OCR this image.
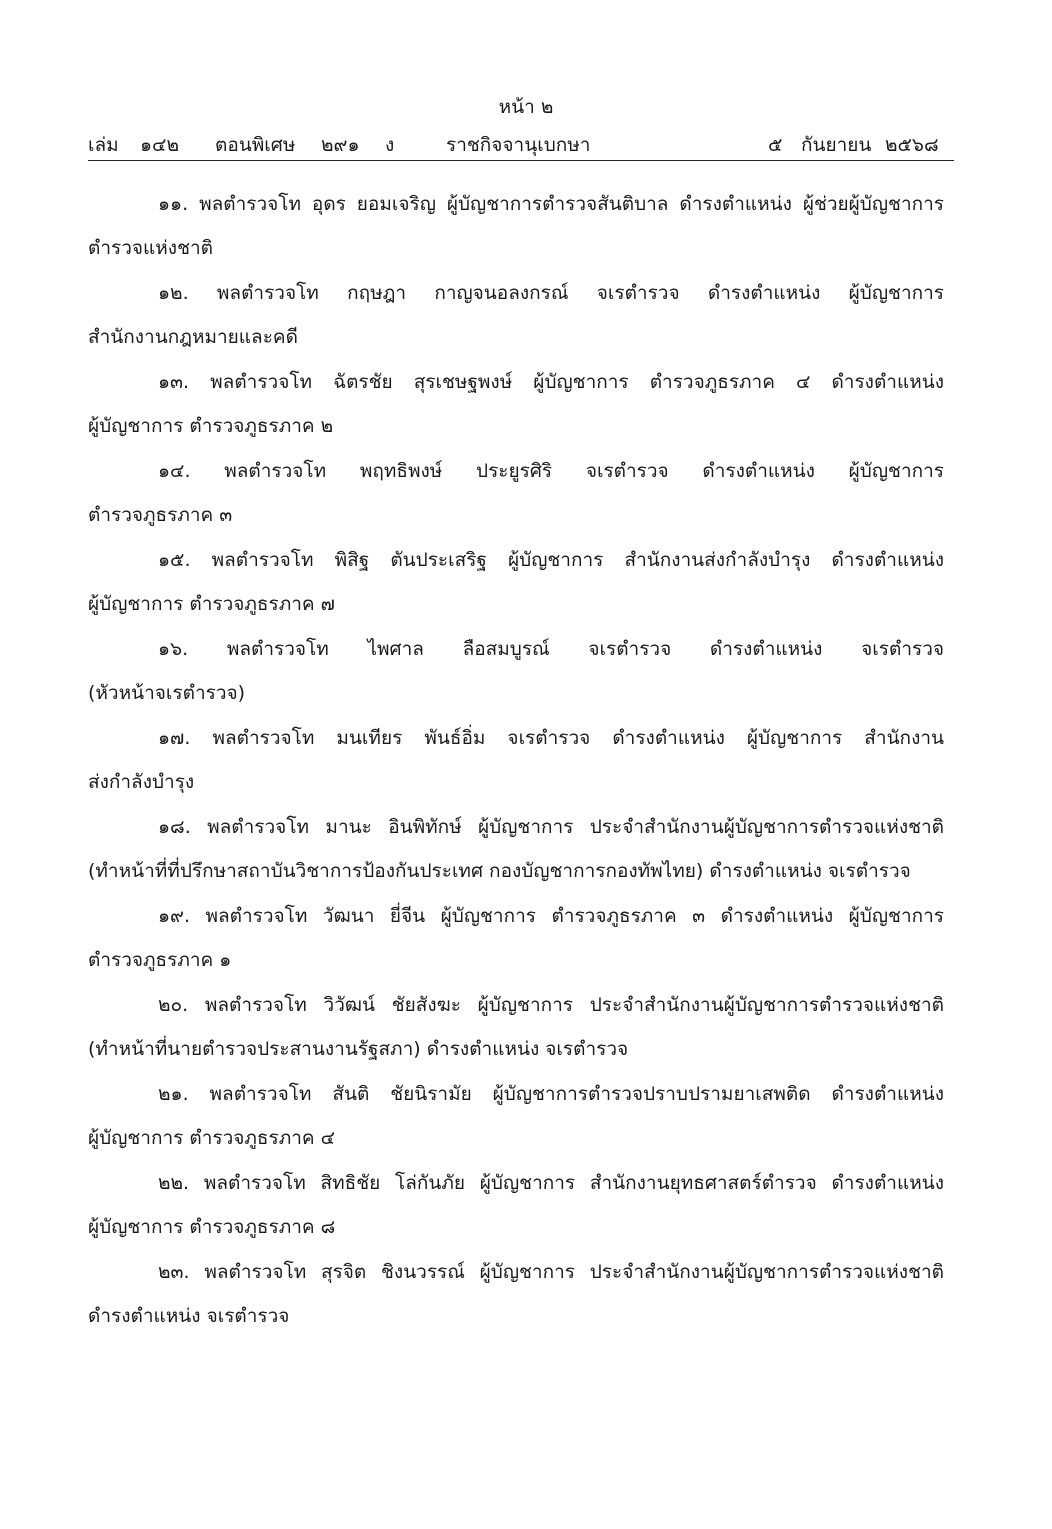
หน้า ๒
เล่ม ๑๔๒ ตอนพิเศษ ๒๙๑ ง	ราชกิจจานุเบกษา	๕ กันยายน ๒๕๖๘
๑๑. พลตำรวจโท อุดร ยอมเจริญ ผู้บัญชาการตำรวจสันติบาล ดำรงตำแหน่ง ผู้ช่วยผู้บัญชาการ
ตำรวจแห่งชาติ
๑๒. พลตำรวจโท กฤษฎา กาญจนอลงกรณ์ จเรตำรวจ ดำรงตำแหน่ง ผู้บัญชาการ
สำนักงานกฎหมายและคดี
๑๓. พลตำรวจโท ฉัตรชัย สุรเชษฐพงษ์ ผู้บัญชาการ ตำรวจภูธรภาค ๔ ดำรงตำแหน่ง
ผู้บัญชาการ ตำรวจภูธรภาค ๒
๑๔. พลตำรวจโท พฤทธิพงษ์ ประยูรศิริ จเรตำรวจ ดำรงตำแหน่ง ผู้บัญชาการ
ตำรวจภูธรภาค ๓
๑๕. พลตำรวจโท พิสิฐ ตันประเสริฐ ผู้บัญชาการ สำนักงานส่งกำลังบำรุง ดำรงตำแหน่ง
ผู้บัญชาการ ตำรวจภูธรภาค ๗
๑๖. พลตำรวจโท ไพศาล ลือสมบูรณ์ จเรตำรวจ ดำรงตำแหน่ง จเรตำรวจ
(หัวหน้าจเรตำรวจ)
๑๗. พลตำรวจโท มนเทียร พันธ์อิ่ม จเรตำรวจ ดำรงตำแหน่ง ผู้บัญชาการ สำนักงาน
ส่งกำลังบำรุง
๑๘. พลตำรวจโท มานะ อินพิทักษ์ ผู้บัญชาการ ประจำสำนักงานผู้บัญชาการตำรวจแห่งชาติ
(ทำหน้าที่ที่ปรึกษาสถาบันวิชาการป้องกันประเทศ กองบัญชาการกองทัพไทย) ดำรงตำแหน่ง จเรตำรวจ
๑๙. พลตำรวจโท วัฒนา ยี่จีน ผู้บัญชาการ ตำรวจภูธรภาค ๓ ดำรงตำแหน่ง ผู้บัญชาการ
ตำรวจภูธรภาค ๑
๒๐. พลตำรวจโท วิวัฒน์ ชัยสังฆะ ผู้บัญชาการ ประจำสำนักงานผู้บัญชาการตำรวจแห่งชาติ
(ทำหน้าที่นายตำรวจประสานงานรัฐสภา) ดำรงตำแหน่ง จเรตำรวจ
๒๑. พลตำรวจโท สันติ ชัยนิรามัย ผู้บัญชาการตำรวจปราบปรามยาเสพติด ดำรงตำแหน่ง
ผู้บัญชาการ ตำรวจภูธรภาค ๔
๒๒. พลตำรวจโท สิทธิชัย โล่กันภัย ผู้บัญชาการ สำนักงานยุทธศาสตร์ตำรวจ ดำรงตำแหน่ง
ผู้บัญชาการ ตำรวจภูธรภาค ๘
๒๓. พลตำรวจโท สุรจิต ชิงนวรรณ์ ผู้บัญชาการ ประจำสำนักงานผู้บัญชาการตำรวจแห่งชาติ
ดำรงตำแหน่ง จเรตำรวจ
